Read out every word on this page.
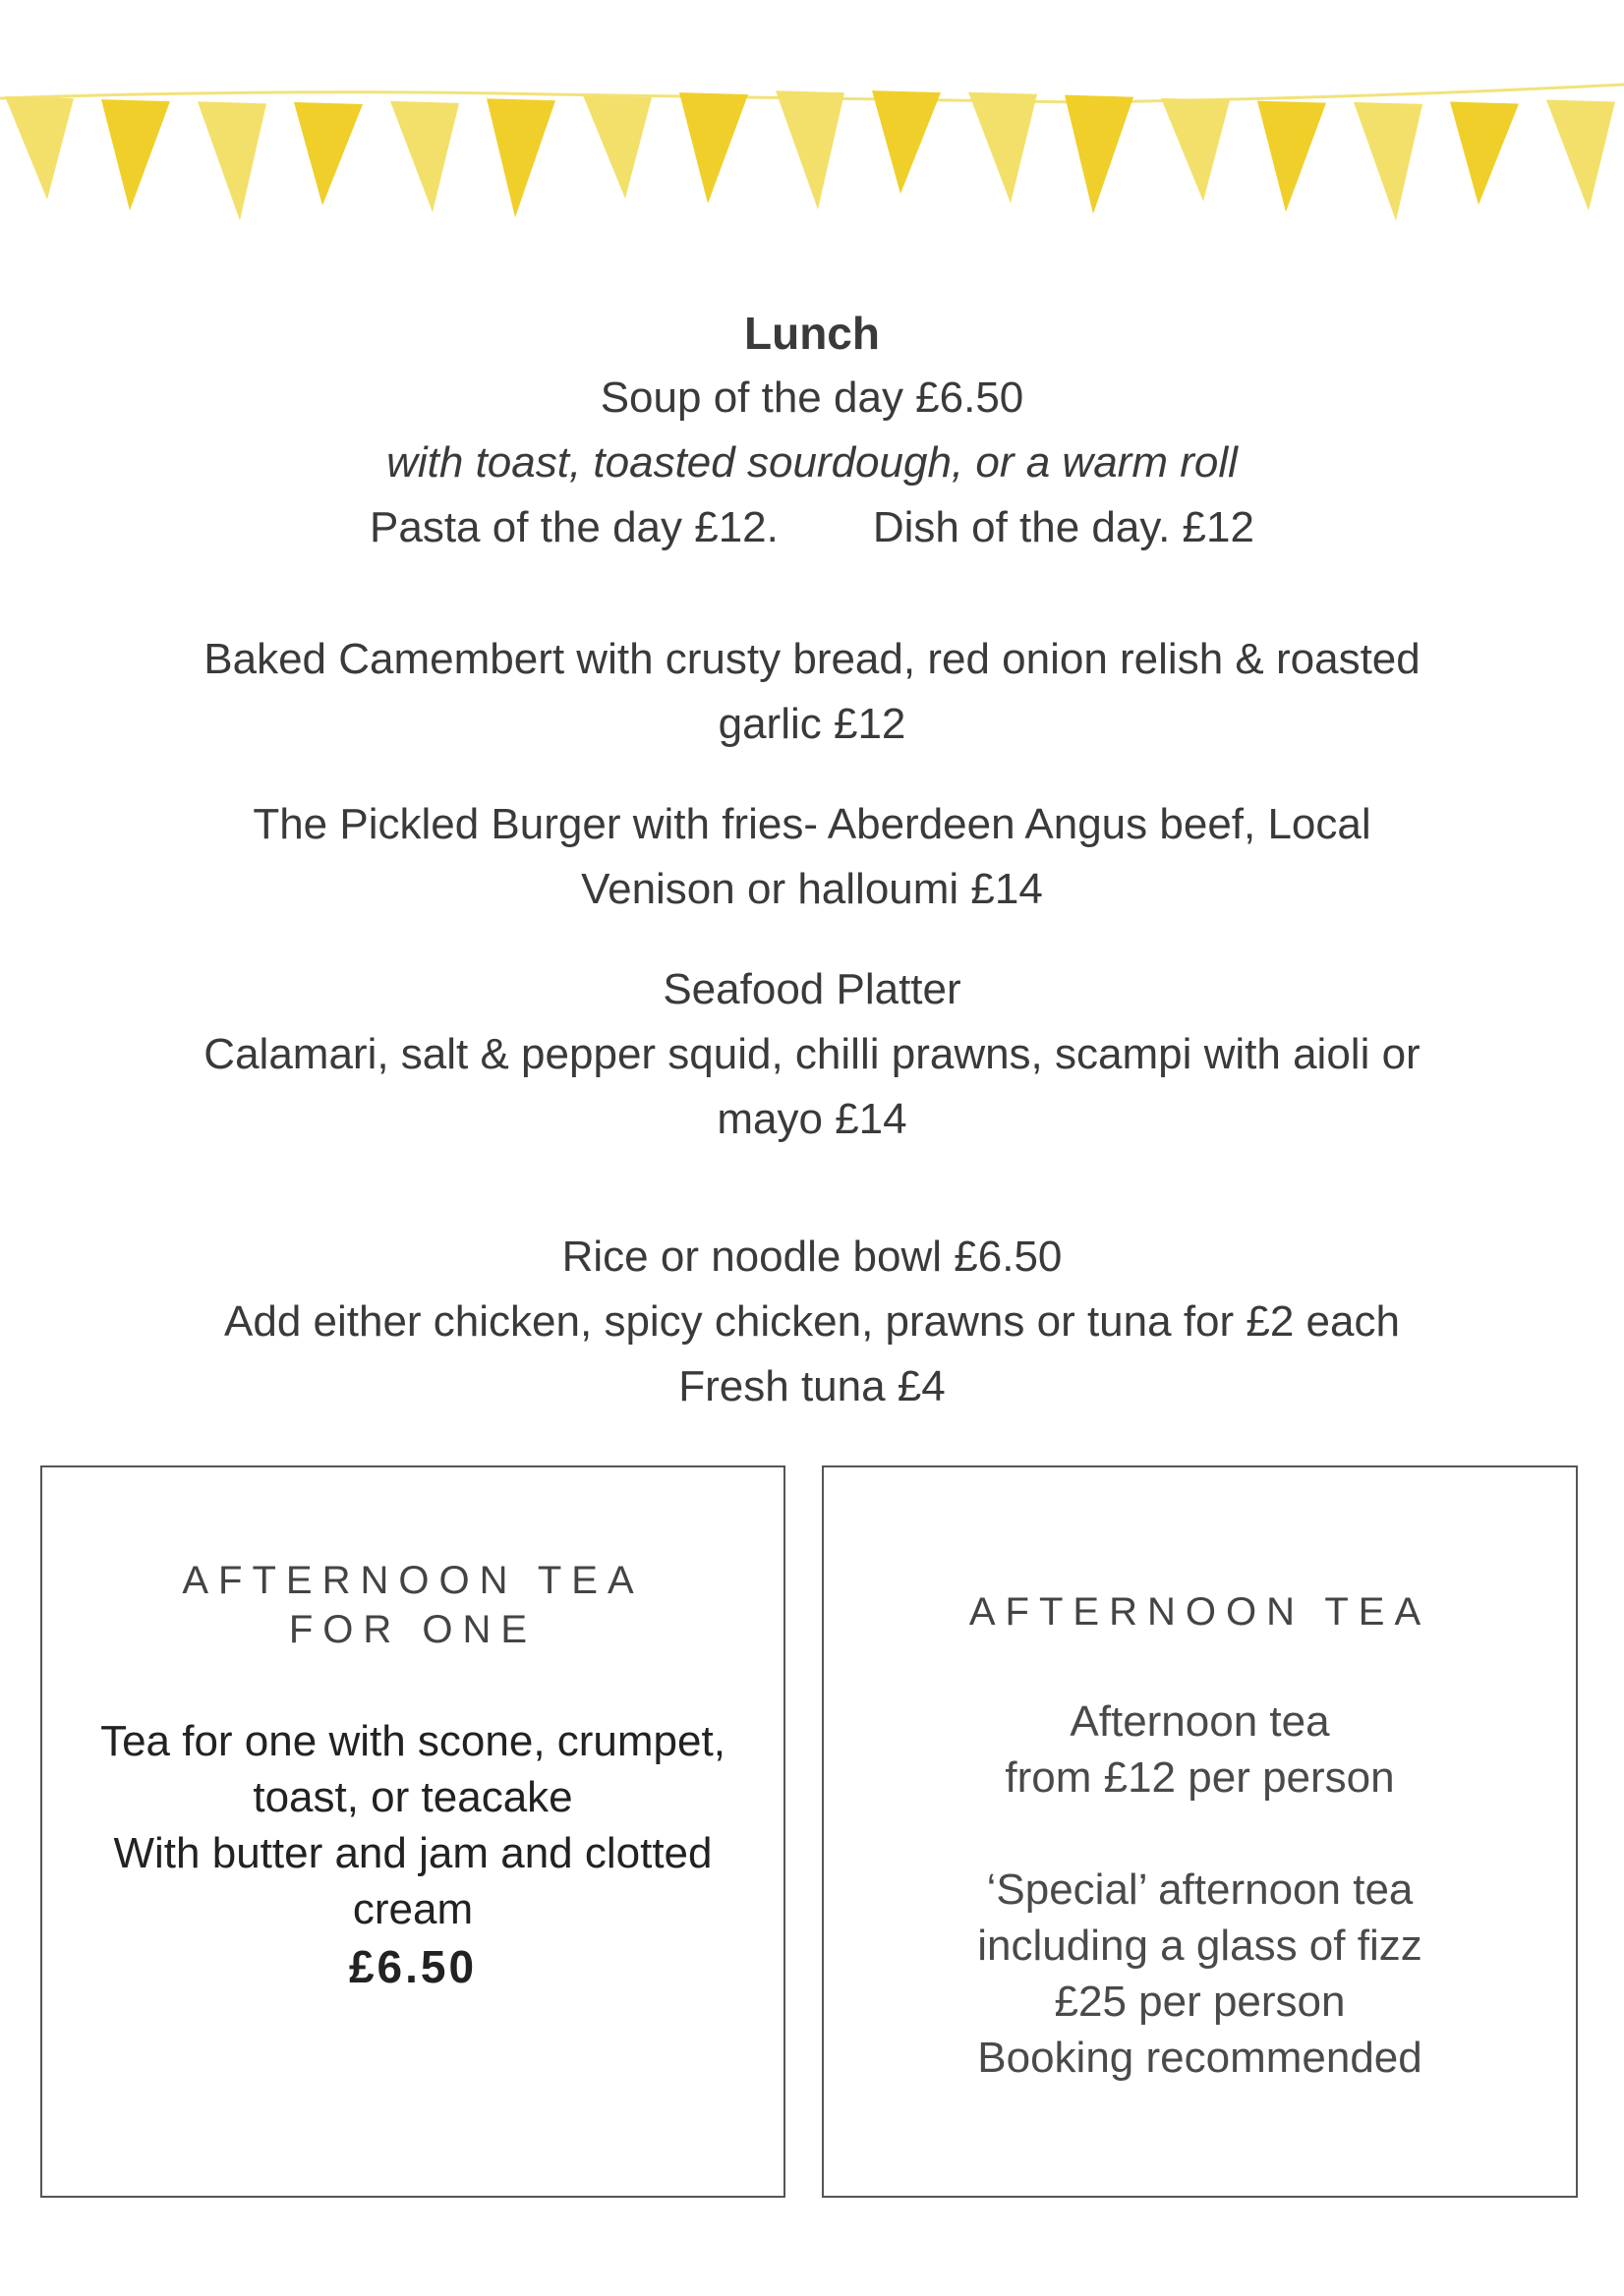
Lunch
Soup of the day £6.50
with toast, toasted sourdough, or a warm roll
Pasta of the day £12. Dish of the day. £12
Baked Camembert with crusty bread, red onion relish & roasted garlic £12
The Pickled Burger with fries- Aberdeen Angus beef, Local Venison or halloumi £14
Seafood Platter
Calamari, salt & pepper squid, chilli prawns, scampi with aioli or mayo £14
Rice or noodle bowl £6.50
Add either chicken, spicy chicken, prawns or tuna for £2 each
Fresh tuna £4
AFTERNOON TEA
FOR ONE
Tea for one with scone, crumpet,
toast, or teacake
With butter and jam and clotted
cream
£6.50
AFTERNOON TEA
Afternoon tea
from £12 per person
‘Special’ afternoon tea
including a glass of fizz
£25 per person
Booking recommended
